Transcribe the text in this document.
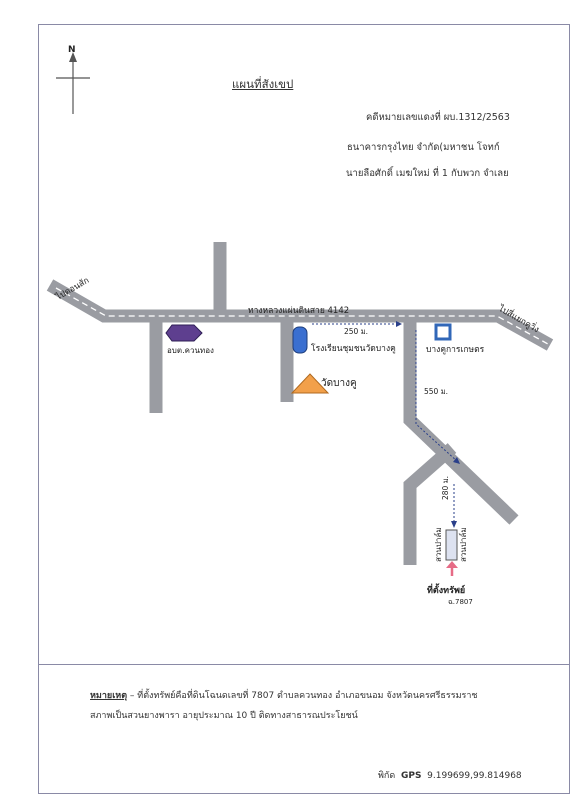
ทางหลวงแผ่นดินสาย 4142
ไปดอนสัก
ไปสี่แยกคูวิ่ง
อบต.ควนทอง	โรงเรียนชุมชนวัดบางคู
วัดบางคู
บางคูการเกษตร
250 ม.
550 ม.
280 ม.
สวนปาล์ม สวนปาล์ม
ที่ตั้งทรัพย์
ฉ.7807
N
แผนที่สังเขป
คดีหมายเลขแดงที่ ผบ.1312/2563
ธนาคารกรุงไทย จำกัด(มหาชน โจทก์
นายลือศักดิ์ เมฆใหม่ ที่ 1 กับพวก จำเลย
หมายเหตุ – ที่ตั้งทรัพย์คือที่ดินโฉนดเลขที่ 7807 ตำบลควนทอง อำเภอขนอม จังหวัดนครศรีธรรมราช
สภาพเป็นสวนยางพารา อายุประมาณ 10 ปี ติดทางสาธารณประโยชน์
พิกัด GPS 9.199699,99.814968
